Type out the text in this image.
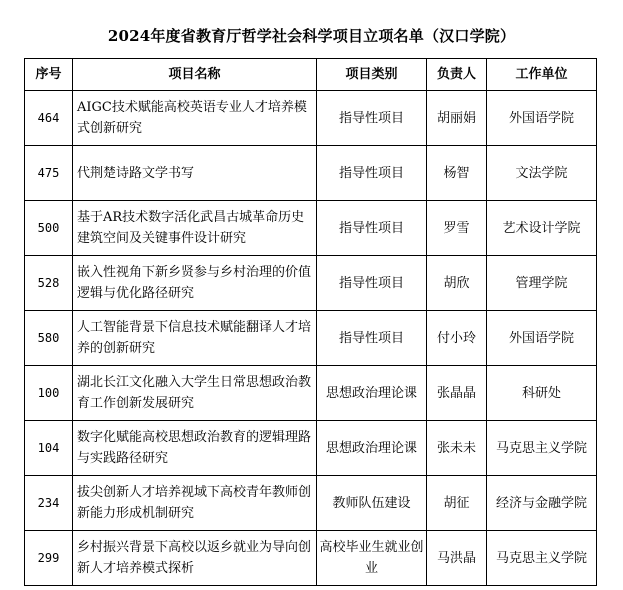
2024年度省教育厅哲学社会科学项目立项名单（汉口学院）
序号	项目名称	项目类别	负责人	工作单位
464	AIGC技术赋能高校英语专业人才培养模式创新研究	指导性项目	胡丽娟	外国语学院
475	代荆楚诗路文学书写	指导性项目	杨智	文法学院
500	基于AR技术数字活化武昌古城革命历史建筑空间及关键事件设计研究	指导性项目	罗雪	艺术设计学院
528	嵌入性视角下新乡贤参与乡村治理的价值逻辑与优化路径研究	指导性项目	胡欣	管理学院
580	人工智能背景下信息技术赋能翻译人才培养的创新研究	指导性项目	付小玲	外国语学院
100	湖北长江文化融入大学生日常思想政治教育工作创新发展研究	思想政治理论课	张晶晶	科研处
104	数字化赋能高校思想政治教育的逻辑理路与实践路径研究	思想政治理论课	张未未	马克思主义学院
234	拔尖创新人才培养视域下高校青年教师创新能力形成机制研究	教师队伍建设	胡征	经济与金融学院
299	乡村振兴背景下高校以返乡就业为导向创新人才培养模式探析	高校毕业生就业创业	马洪晶	马克思主义学院
